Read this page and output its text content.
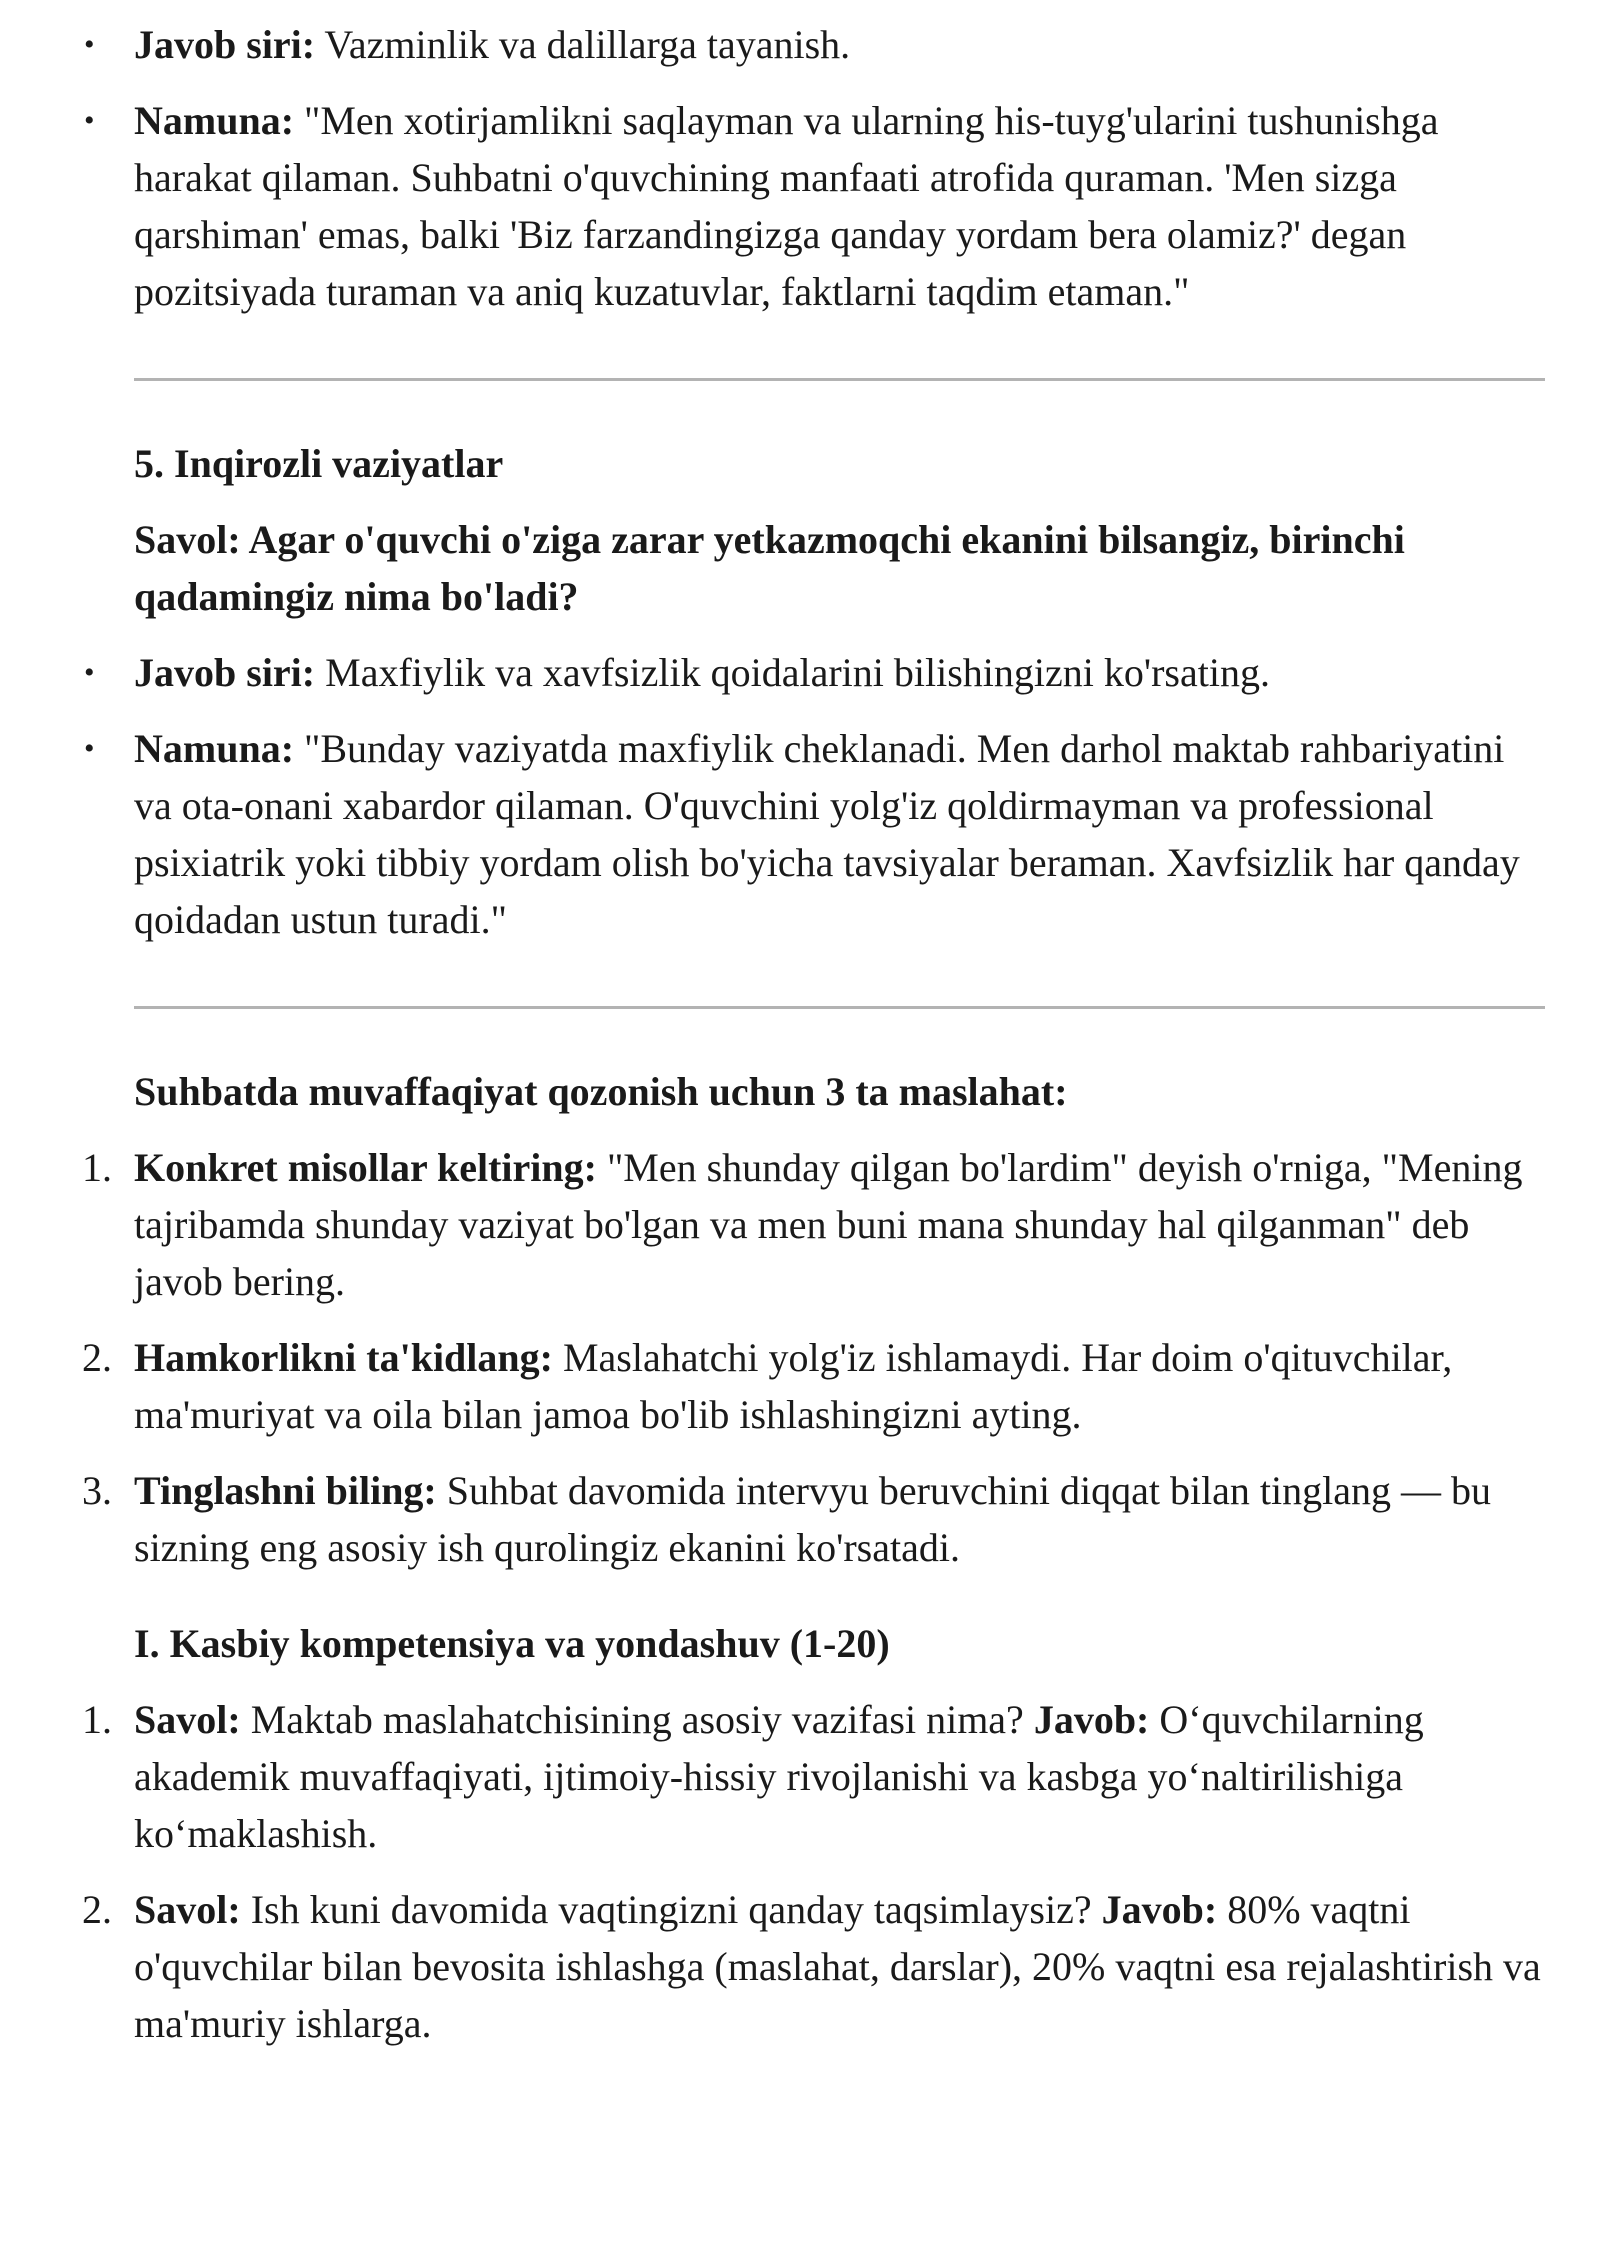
• Javob siri: Vazminlik va dalillarga tayanish.
• Namuna: "Men xotirjamlikni saqlayman va ularning his-tuyg'ularini tushunishga harakat qilaman. Suhbatni o'quvchining manfaati atrofida quraman. 'Men sizga qarshiman' emas, balki 'Biz farzandingizga qanday yordam bera olamiz?' degan pozitsiyada turaman va aniq kuzatuvlar, faktlarni taqdim etaman."

5. Inqirozli vaziyatlar

Savol: Agar o'quvchi o'ziga zarar yetkazmoqchi ekanini bilsangiz, birinchi qadamingiz nima bo'ladi?

• Javob siri: Maxfiylik va xavfsizlik qoidalarini bilishingizni ko'rsating.
• Namuna: "Bunday vaziyatda maxfiylik cheklanadi. Men darhol maktab rahbariyatini va ota-onani xabardor qilaman. O'quvchini yolg'iz qoldirmayman va professional psixiatrik yoki tibbiy yordam olish bo'yicha tavsiyalar beraman. Xavfsizlik har qanday qoidadan ustun turadi."

Suhbatda muvaffaqiyat qozonish uchun 3 ta maslahat:

1. Konkret misollar keltiring: "Men shunday qilgan bo'lardim" deyish o'rniga, "Mening tajribamda shunday vaziyat bo'lgan va men buni mana shunday hal qilganman" deb javob bering.
2. Hamkorlikni ta'kidlang: Maslahatchi yolg'iz ishlamaydi. Har doim o'qituvchilar, ma'muriyat va oila bilan jamoa bo'lib ishlashingizni ayting.
3. Tinglashni biling: Suhbat davomida intervyu beruvchini diqqat bilan tinglang — bu sizning eng asosiy ish qurolingiz ekanini ko'rsatadi.

I. Kasbiy kompetensiya va yondashuv (1-20)

1. Savol: Maktab maslahatchisining asosiy vazifasi nima? Javob: O‘quvchilarning akademik muvaffaqiyati, ijtimoiy-hissiy rivojlanishi va kasbga yo‘naltirilishiga ko‘maklashish.
2. Savol: Ish kuni davomida vaqtingizni qanday taqsimlaysiz? Javob: 80% vaqtni o'quvchilar bilan bevosita ishlashga (maslahat, darslar), 20% vaqtni esa rejalashtirish va ma'muriy ishlarga.
